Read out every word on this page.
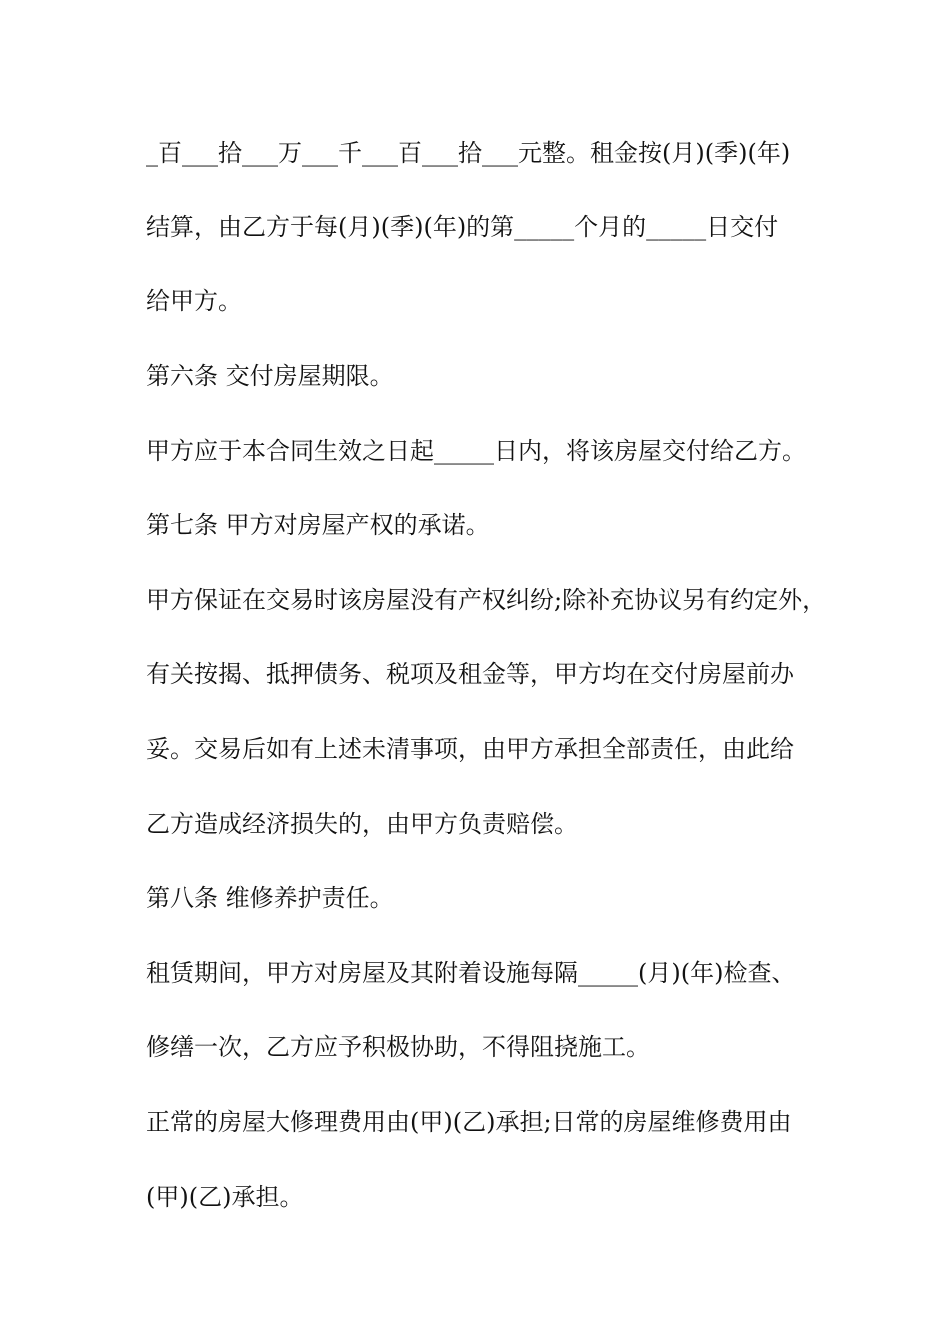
_百___拾___万___千___百___拾___元整。租金按(月)(季)(年)
结算，由乙方于每(月)(季)(年)的第_____个月的_____日交付
给甲方。
第六条 交付房屋期限。
甲方应于本合同生效之日起_____日内，将该房屋交付给乙方。
第七条 甲方对房屋产权的承诺。
甲方保证在交易时该房屋没有产权纠纷;除补充协议另有约定外，
有关按揭、抵押债务、税项及租金等，甲方均在交付房屋前办
妥。交易后如有上述未清事项，由甲方承担全部责任，由此给
乙方造成经济损失的，由甲方负责赔偿。
第八条 维修养护责任。
租赁期间，甲方对房屋及其附着设施每隔_____(月)(年)检查、
修缮一次，乙方应予积极协助，不得阻挠施工。
正常的房屋大修理费用由(甲)(乙)承担;日常的房屋维修费用由
(甲)(乙)承担。
